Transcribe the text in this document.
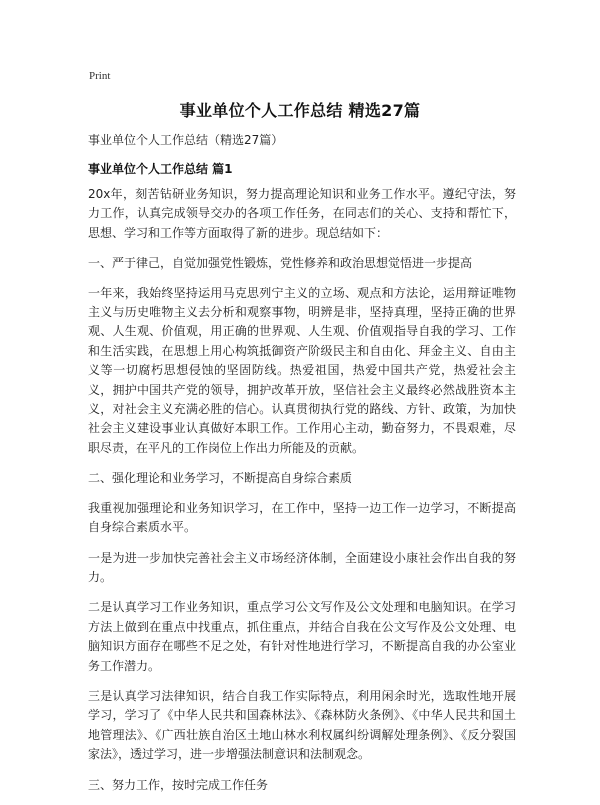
Print
事业单位个人工作总结 精选27篇
事业单位个人工作总结（精选27篇）
事业单位个人工作总结 篇1

20x年，刻苦钻研业务知识，努力提高理论知识和业务工作水平。遵纪守法，努力工作，认真完成领导交办的各项工作任务，在同志们的关心、支持和帮忙下，思想、学习和工作等方面取得了新的进步。现总结如下：

一、严于律己，自觉加强党性锻炼，党性修养和政治思想觉悟进一步提高

一年来，我始终坚持运用马克思列宁主义的立场、观点和方法论，运用辩证唯物主义与历史唯物主义去分析和观察事物，明辨是非，坚持真理，坚持正确的世界观、人生观、价值观，用正确的世界观、人生观、价值观指导自我的学习、工作和生活实践，在思想上用心构筑抵御资产阶级民主和自由化、拜金主义、自由主义等一切腐朽思想侵蚀的坚固防线。热爱祖国，热爱中国共产党，热爱社会主义，拥护中国共产党的领导，拥护改革开放，坚信社会主义最终必然战胜资本主义，对社会主义充满必胜的信心。认真贯彻执行党的路线、方针、政策，为加快社会主义建设事业认真做好本职工作。工作用心主动，勤奋努力，不畏艰难，尽职尽责，在平凡的工作岗位上作出力所能及的贡献。

二、强化理论和业务学习，不断提高自身综合素质

我重视加强理论和业务知识学习，在工作中，坚持一边工作一边学习，不断提高自身综合素质水平。

一是为进一步加快完善社会主义市场经济体制，全面建设小康社会作出自我的努力。

二是认真学习工作业务知识，重点学习公文写作及公文处理和电脑知识。在学习方法上做到在重点中找重点，抓住重点，并结合自我在公文写作及公文处理、电脑知识方面存在哪些不足之处，有针对性地进行学习，不断提高自我的办公室业务工作潜力。

三是认真学习法律知识，结合自我工作实际特点，利用闲余时光，选取性地开展学习，学习了《中华人民共和国森林法》、《森林防火条例》、《中华人民共和国土地管理法》、《广西壮族自治区土地山林水利权属纠纷调解处理条例》、《反分裂国家法》，透过学习，进一步增强法制意识和法制观念。

三、努力工作，按时完成工作任务
